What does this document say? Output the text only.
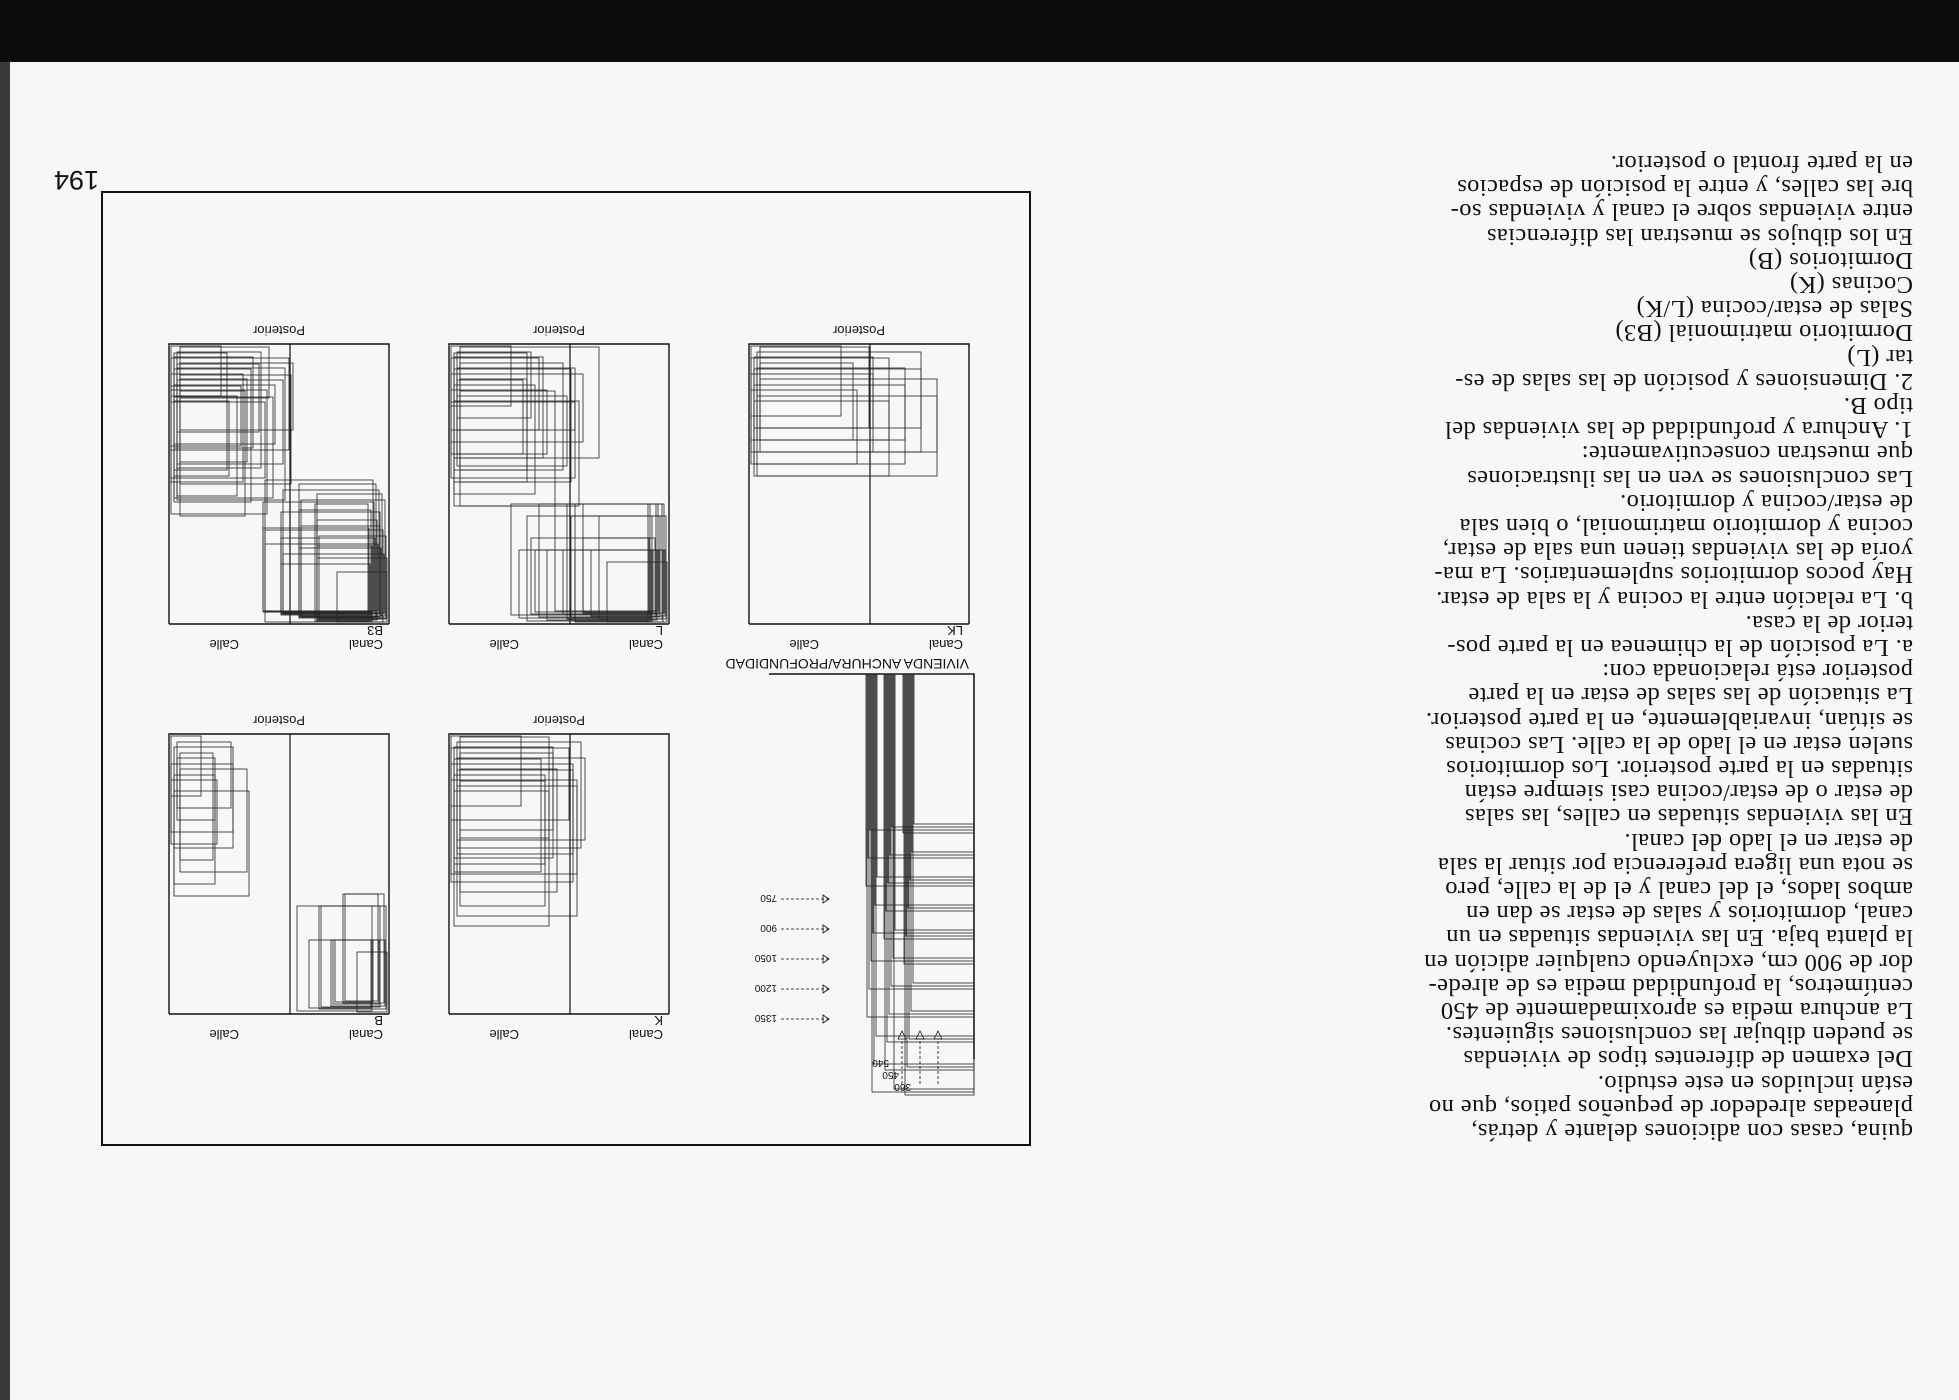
194
quina, casas con adiciones delante y detrás,
planeadas alrededor de pequeños patios, que no
están incluidos en este estudio.
Del examen de diferentes tipos de viviendas
se pueden dibujar las conclusiones siguientes.
La anchura media es aproximadamente de 450
centímetros, la profundidad media es de alrede-
dor de 900 cm, excluyendo cualquier adición en
la planta baja. En las viviendas situadas en un
canal, dormitorios y salas de estar se dan en
ambos lados, el del canal y el de la calle, pero
se nota una ligera preferencia por situar la sala
de estar en el lado del canal.
En las viviendas situadas en calles, las salas
de estar o de estar/cocina casi siempre están
situadas en la parte posterior. Los dormitorios
suelen estar en el lado de la calle. Las cocinas
se sitúan, invariablemente, en la parte posterior.
La situación de las salas de estar en la parte
posterior está relacionada con:
a. La posición de la chimenea en la parte pos-
terior de la casa.
b. La relación entre la cocina y la sala de estar.
Hay pocos dormitorios suplementarios. La ma-
yoría de las viviendas tienen una sala de estar,
cocina y dormitorio matrimonial, o bien sala
de estar/cocina y dormitorio.
Las conclusiones se ven en las ilustraciones
que muestran consecutivamente:
1. Anchura y profundidad de las viviendas del
tipo B.
2. Dimensiones y posición de las salas de es-
tar (L)
Dormitorio matrimonial (B3)
Salas de estar/cocina (L/K)
Cocinas (K)
Dormitorios (B)
En los dibujos se muestran las diferencias
entre viviendas sobre el canal y viviendas so-
bre las calles, y entre la posición de espacios
en la parte frontal o posterior.
VIVIENDA ANCHURA/PROFUNDIDAD
360
450
540
1350
1200
1050
900
750
Canal
L
Calle
Posterior
Canal
B3
Calle
Posterior
Canal
LK
Calle
Posterior
Canal
K
Calle
Posterior
Canal
B
Calle
Posterior
